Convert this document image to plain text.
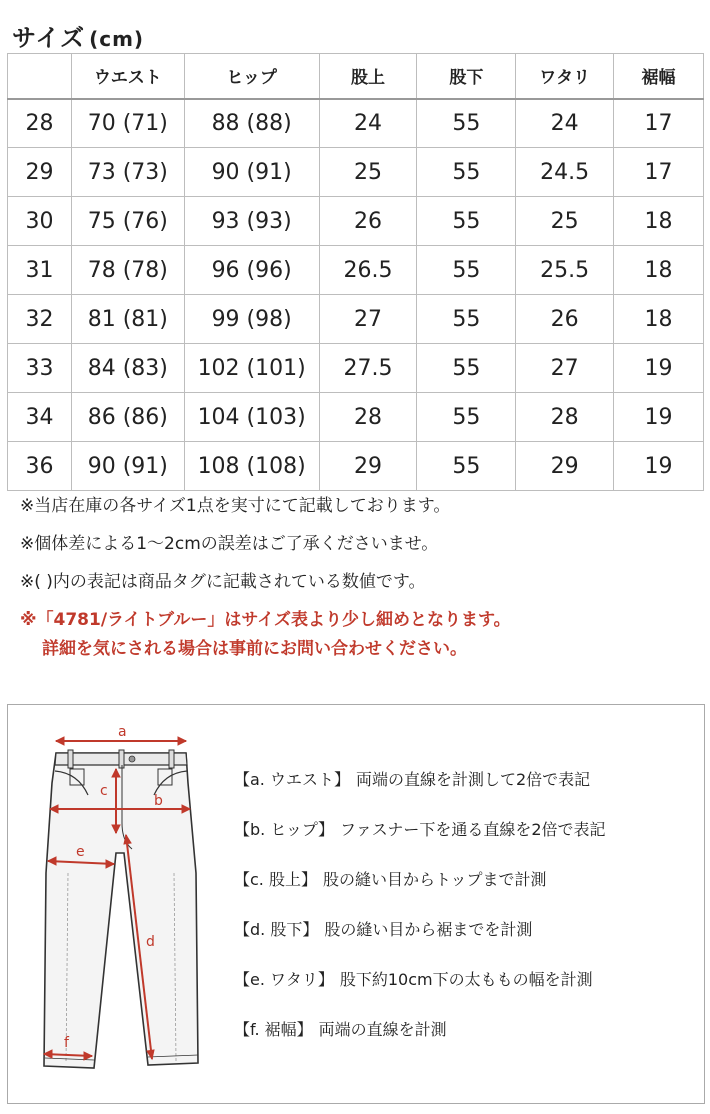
サイズ (cm)
	ウエスト	ヒップ	股上	股下	ワタリ	裾幅
28	70 (71)	88 (88)	24	55	24	17
29	73 (73)	90 (91)	25	55	24.5	17
30	75 (76)	93 (93)	26	55	25	18
31	78 (78)	96 (96)	26.5	55	25.5	18
32	81 (81)	99 (98)	27	55	26	18
33	84 (83)	102 (101)	27.5	55	27	19
34	86 (86)	104 (103)	28	55	28	19
36	90 (91)	108 (108)	29	55	29	19
※当店在庫の各サイズ1点を実寸にて記載しております。
※個体差による1〜2cmの誤差はご了承くださいませ。
※( )内の表記は商品タグに記載されている数値です。
※「4781/ライトブルー」はサイズ表より少し細めとなります。
詳細を気にされる場合は事前にお問い合わせください。
a
b
c
e
d
f
【a. ウエスト】 両端の直線を計測して2倍で表記
【b. ヒップ】 ファスナー下を通る直線を2倍で表記
【c. 股上】 股の縫い目からトップまで計測
【d. 股下】 股の縫い目から裾までを計測
【e. ワタリ】 股下約10cm下の太ももの幅を計測
【f. 裾幅】 両端の直線を計測
